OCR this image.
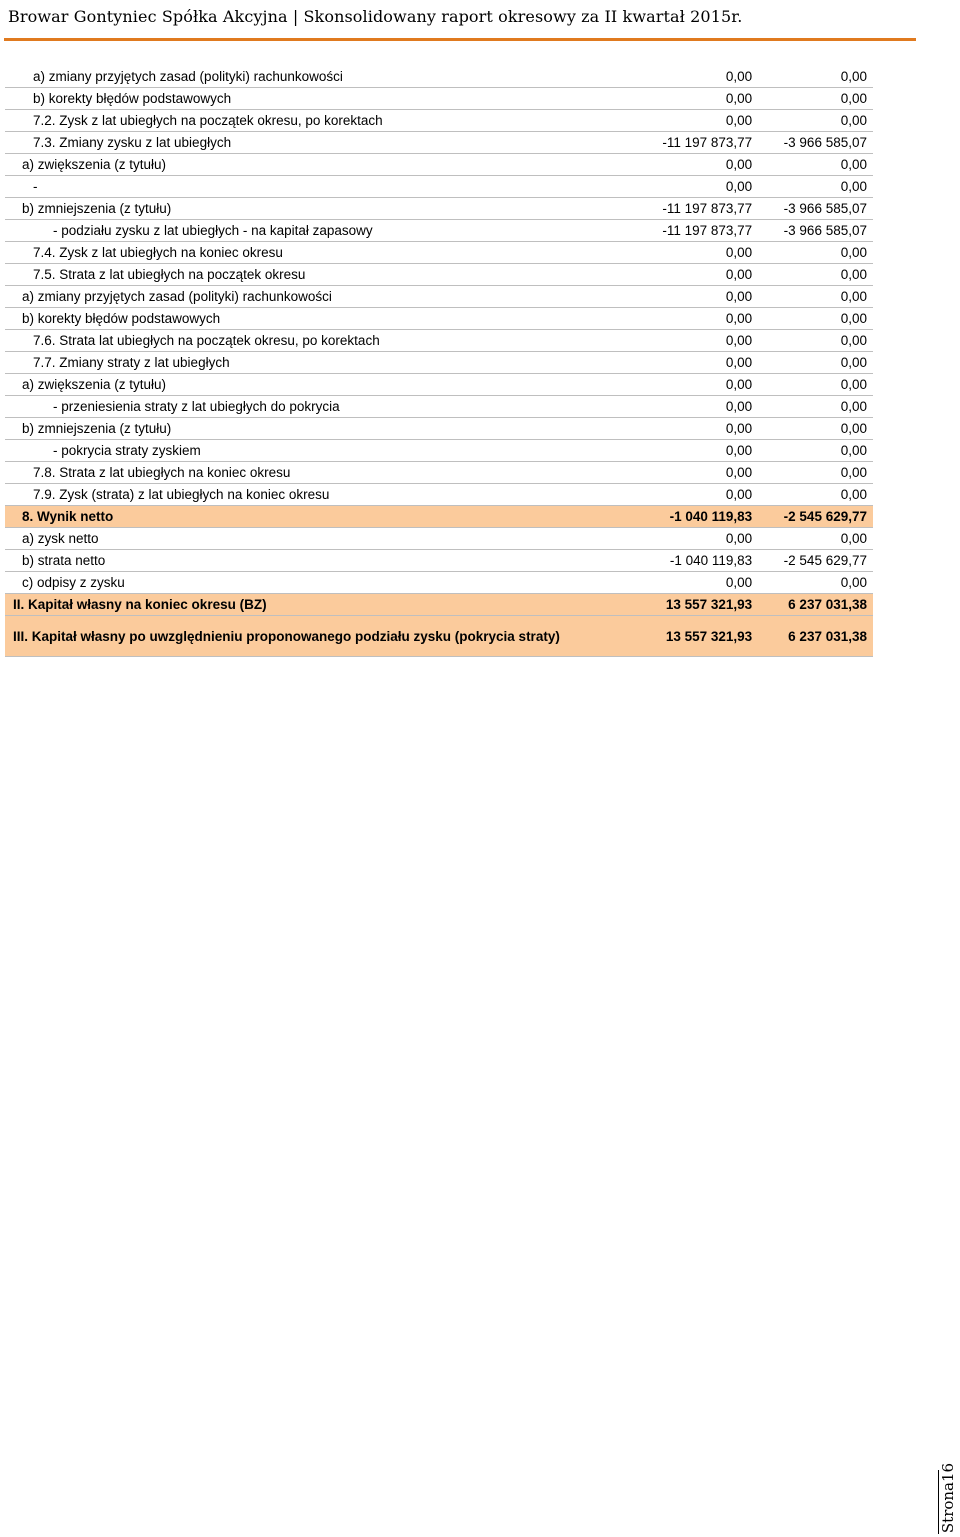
Browar Gontyniec Spółka Akcyjna | Skonsolidowany raport okresowy za II kwartał 2015r.
a) zmiany przyjętych zasad (polityki) rachunkowości	0,00	0,00
b) korekty błędów podstawowych	0,00	0,00
7.2. Zysk z lat ubiegłych na początek okresu, po korektach	0,00	0,00
7.3. Zmiany zysku z lat ubiegłych	-11 197 873,77	-3 966 585,07
a) zwiększenia (z tytułu)	0,00	0,00
-	0,00	0,00
b) zmniejszenia (z tytułu)	-11 197 873,77	-3 966 585,07
- podziału zysku z lat ubiegłych - na kapitał zapasowy	-11 197 873,77	-3 966 585,07
7.4. Zysk z lat ubiegłych na koniec okresu	0,00	0,00
7.5. Strata z lat ubiegłych na początek okresu	0,00	0,00
a) zmiany przyjętych zasad (polityki) rachunkowości	0,00	0,00
b) korekty błędów podstawowych	0,00	0,00
7.6. Strata lat ubiegłych na początek okresu, po korektach	0,00	0,00
7.7. Zmiany straty z lat ubiegłych	0,00	0,00
a) zwiększenia (z tytułu)	0,00	0,00
- przeniesienia straty z lat ubiegłych do pokrycia	0,00	0,00
b) zmniejszenia (z tytułu)	0,00	0,00
- pokrycia straty zyskiem	0,00	0,00
7.8. Strata z lat ubiegłych na koniec okresu	0,00	0,00
7.9. Zysk (strata) z lat ubiegłych na koniec okresu	0,00	0,00
8. Wynik netto	-1 040 119,83	-2 545 629,77
a) zysk netto	0,00	0,00
b) strata netto	-1 040 119,83	-2 545 629,77
c) odpisy z zysku	0,00	0,00
II. Kapitał własny na koniec okresu (BZ)	13 557 321,93	6 237 031,38
III. Kapitał własny po uwzględnieniu proponowanego podziału zysku (pokrycia straty)	13 557 321,93	6 237 031,38
Strona16
